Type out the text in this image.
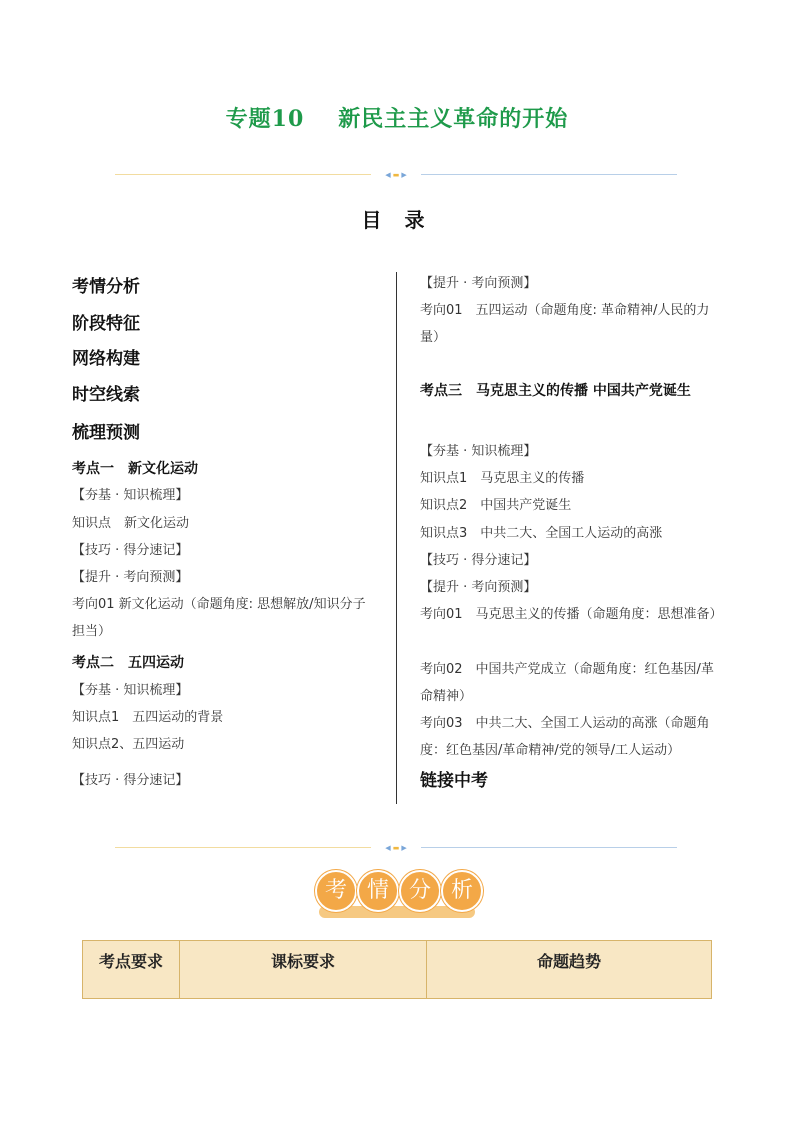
专题10 新民主主义革命的开始
◀ ▬ ▶
目 录
考情分析
阶段特征
网络构建
时空线索
梳理预测
考点一　新文化运动
【夯基 · 知识梳理】
知识点　新文化运动
【技巧 · 得分速记】
【提升 · 考向预测】
考向01 新文化运动（命题角度: 思想解放/知识分子担当）
考点二　五四运动
【夯基 · 知识梳理】
知识点1　五四运动的背景
知识点2、五四运动
【技巧 · 得分速记】
【提升 · 考向预测】
考向01　五四运动（命题角度: 革命精神/人民的力量）
考点三　马克思主义的传播 中国共产党诞生
【夯基 · 知识梳理】
知识点1　马克思主义的传播
知识点2　中国共产党诞生
知识点3　中共二大、全国工人运动的高涨
【技巧 · 得分速记】
【提升 · 考向预测】
考向01　马克思主义的传播（命题角度：思想准备）
考向02　中国共产党成立（命题角度：红色基因/革命精神）
考向03　中共二大、全国工人运动的高涨（命题角度：红色基因/革命精神/党的领导/工人运动）
链接中考
◀ ▬ ▶
考 情 分 析
考点要求	课标要求	命题趋势
